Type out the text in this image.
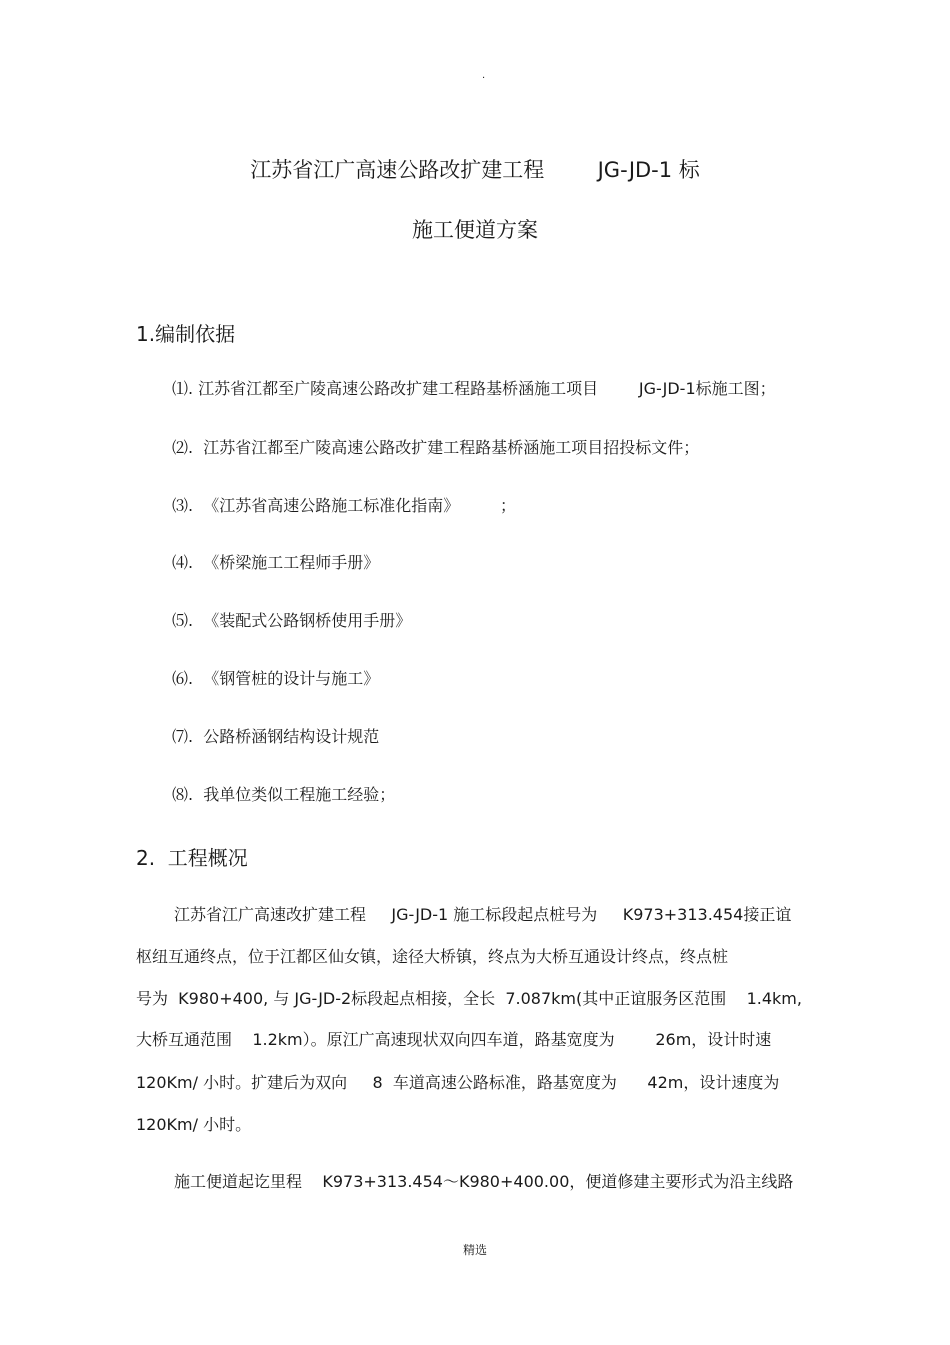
.
江苏省江广高速公路改扩建工程        JG-JD-1 标
施工便道方案
1.编制依据
⑴. 江苏省江都至广陵高速公路改扩建工程路基桥涵施工项目        JG-JD-1标施工图；
⑵.  江苏省江都至广陵高速公路改扩建工程路基桥涵施工项目招投标文件；
⑶.  《江苏省高速公路施工标准化指南》        ；
⑷.  《桥梁施工工程师手册》
⑸.  《装配式公路钢桥使用手册》
⑹.  《钢管桩的设计与施工》
⑺.  公路桥涵钢结构设计规范
⑻.  我单位类似工程施工经验；
2.  工程概况
江苏省江广高速改扩建工程     JG-JD-1 施工标段起点桩号为     K973+313.454接正谊
枢纽互通终点，位于江都区仙女镇，途径大桥镇，终点为大桥互通设计终点，终点桩
号为  K980+400, 与 JG-JD-2标段起点相接，全长  7.087km(其中正谊服务区范围    1.4km,
大桥互通范围    1.2km）。原江广高速现状双向四车道，路基宽度为        26m，设计时速
120Km/ 小时。扩建后为双向     8  车道高速公路标准，路基宽度为      42m，设计速度为
120Km/ 小时。
施工便道起讫里程    K973+313.454～K980+400.00，便道修建主要形式为沿主线路
精选
